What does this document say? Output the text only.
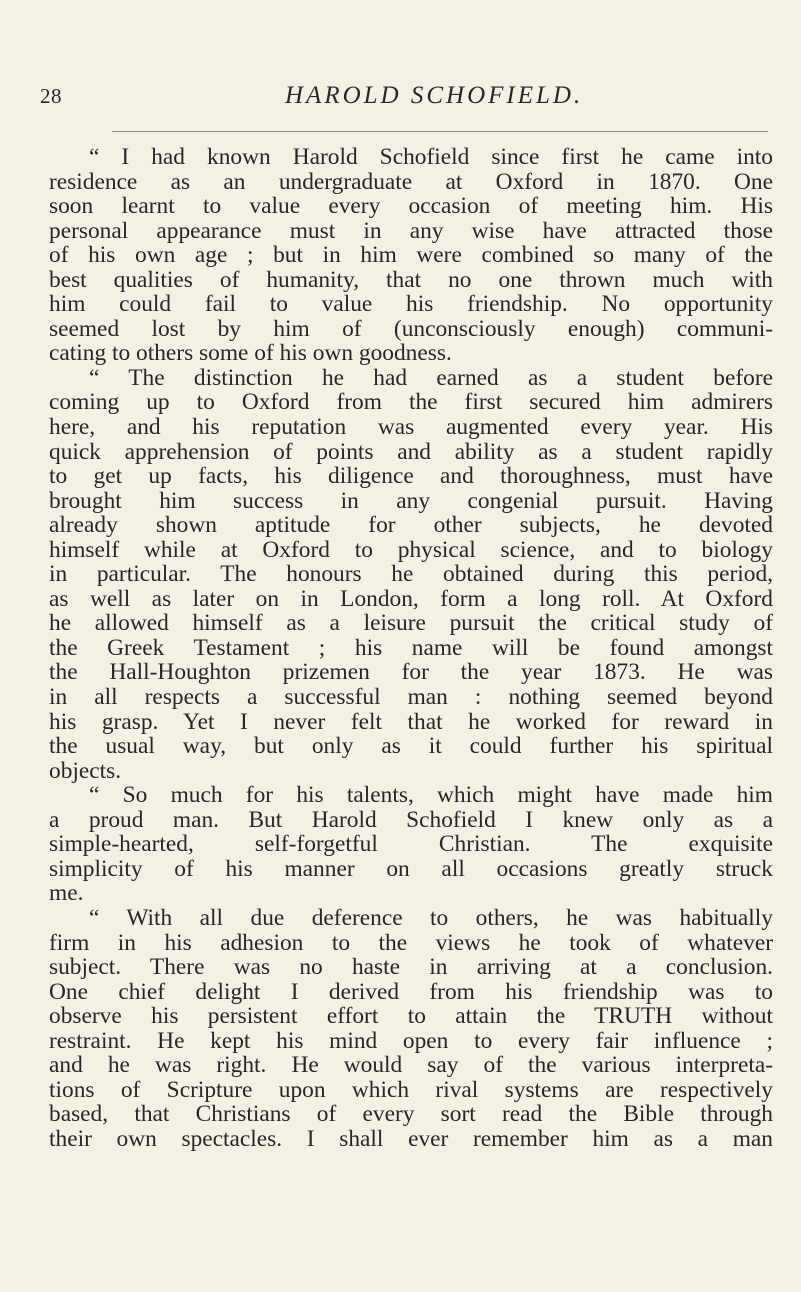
28	HAROLD SCHOFIELD.
“ I had known Harold Schofield since first he came into
residence as an undergraduate at Oxford in 1870. One
soon learnt to value every occasion of meeting him. His
personal appearance must in any wise have attracted those
of his own age ; but in him were combined so many of the
best qualities of humanity, that no one thrown much with
him could fail to value his friendship. No opportunity
seemed lost by him of (unconsciously enough) communi-
cating to others some of his own goodness.
“ The distinction he had earned as a student before
coming up to Oxford from the first secured him admirers
here, and his reputation was augmented every year. His
quick apprehension of points and ability as a student rapidly
to get up facts, his diligence and thoroughness, must have
brought him success in any congenial pursuit. Having
already shown aptitude for other subjects, he devoted
himself while at Oxford to physical science, and to biology
in particular. The honours he obtained during this period,
as well as later on in London, form a long roll. At Oxford
he allowed himself as a leisure pursuit the critical study of
the Greek Testament ; his name will be found amongst
the Hall-Houghton prizemen for the year 1873. He was
in all respects a successful man : nothing seemed beyond
his grasp. Yet I never felt that he worked for reward in
the usual way, but only as it could further his spiritual
objects.
“ So much for his talents, which might have made him
a proud man. But Harold Schofield I knew only as a
simple-hearted, self-forgetful Christian. The exquisite
simplicity of his manner on all occasions greatly struck
me.
“ With all due deference to others, he was habitually
firm in his adhesion to the views he took of whatever
subject. There was no haste in arriving at a conclusion.
One chief delight I derived from his friendship was to
observe his persistent effort to attain the TRUTH without
restraint. He kept his mind open to every fair influence ;
and he was right. He would say of the various interpreta-
tions of Scripture upon which rival systems are respectively
based, that Christians of every sort read the Bible through
their own spectacles. I shall ever remember him as a man
